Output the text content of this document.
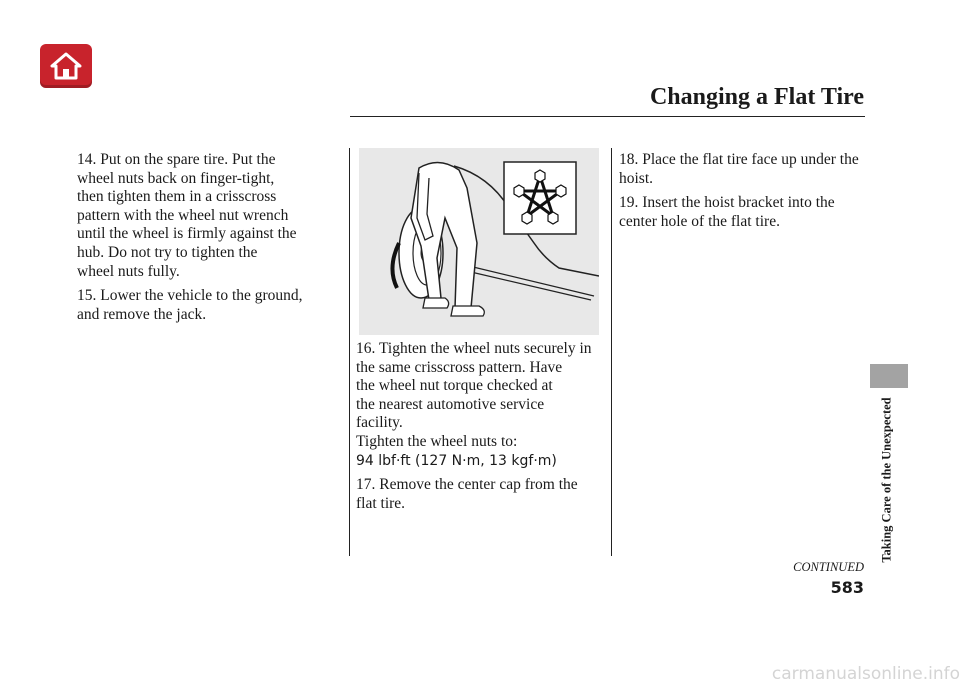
Changing a Flat Tire
14. Put on the spare tire. Put the
wheel nuts back on finger-tight,
then tighten them in a crisscross
pattern with the wheel nut wrench
until the wheel is firmly against the
hub. Do not try to tighten the
wheel nuts fully.
15. Lower the vehicle to the ground,
and remove the jack.
16. Tighten the wheel nuts securely in
the same crisscross pattern. Have
the wheel nut torque checked at
the nearest automotive service
facility.
Tighten the wheel nuts to:
94 lbf·ft (127 N·m, 13 kgf·m)
17. Remove the center cap from the
flat tire.
18. Place the flat tire face up under the
hoist.
19. Insert the hoist bracket into the
center hole of the flat tire.
Taking Care of the Unexpected
CONTINUED
583
carmanualsonline.info
